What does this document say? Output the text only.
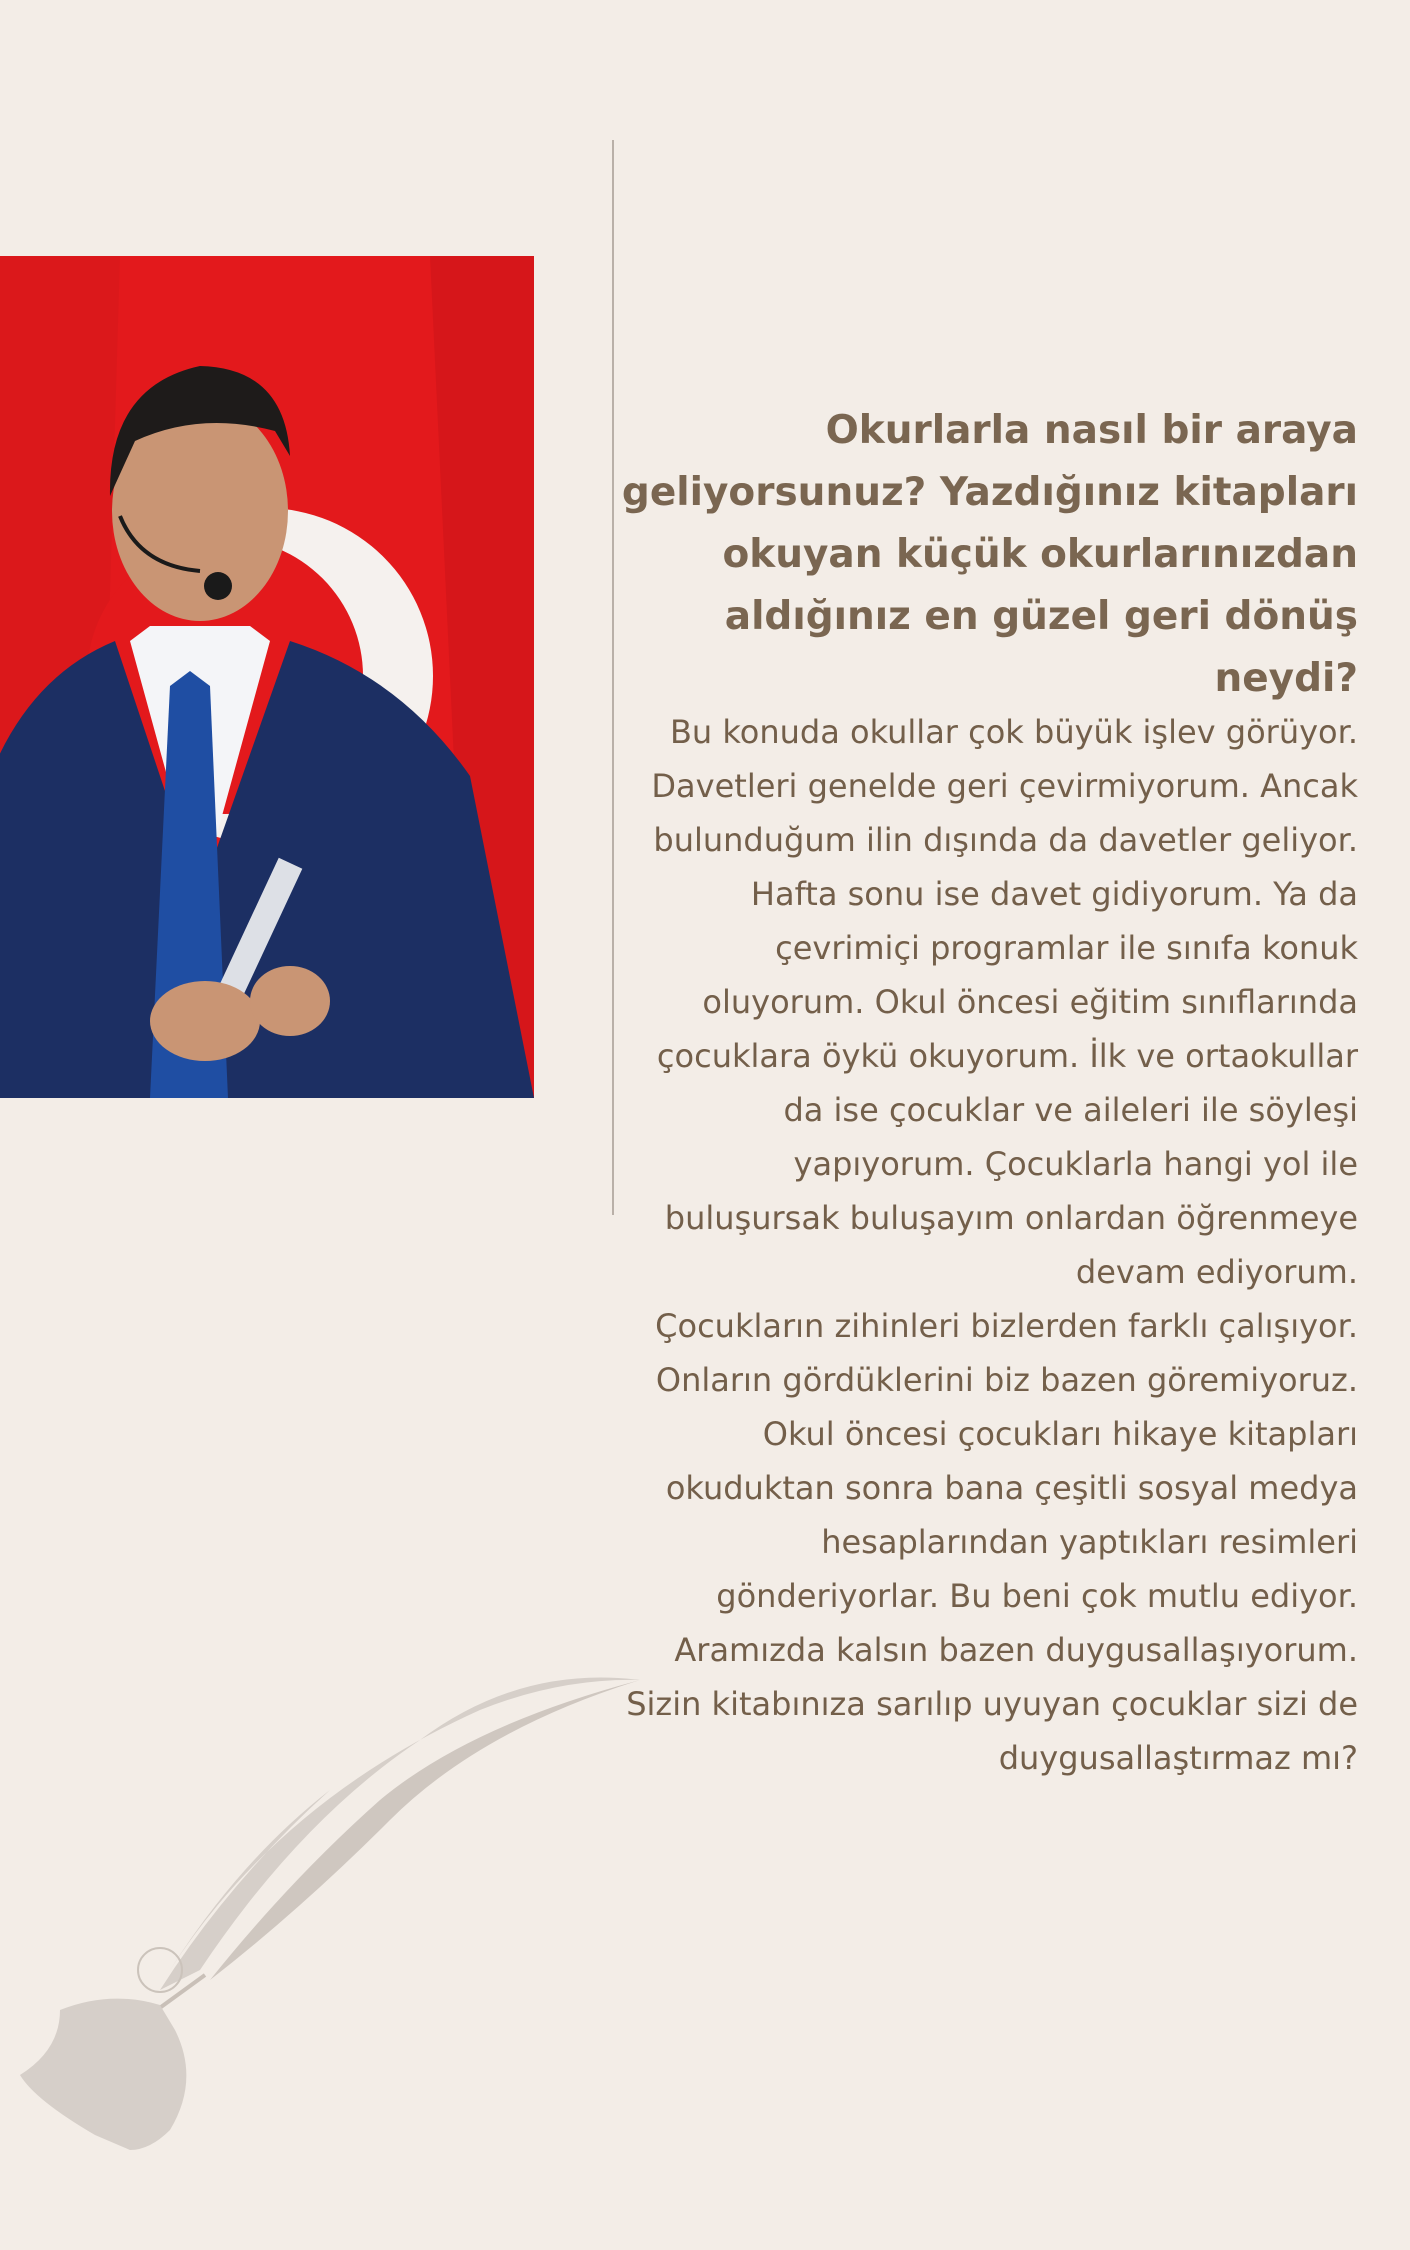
Okurlarla nasıl bir araya geliyorsunuz? Yazdığınız kitapları okuyan küçük okurlarınızdan aldığınız en güzel geri dönüş neydi?

Bu konuda okullar çok büyük işlev görüyor. Davetleri genelde geri çevirmiyorum. Ancak bulunduğum ilin dışında da davetler geliyor. Hafta sonu ise davet gidiyorum. Ya da çevrimiçi programlar ile sınıfa konuk oluyorum. Okul öncesi eğitim sınıflarında çocuklara öykü okuyorum. İlk ve ortaokullar da ise çocuklar ve aileleri ile söyleşi yapıyorum. Çocuklarla hangi yol ile buluşursak buluşayım onlardan öğrenmeye devam ediyorum.

Çocukların zihinleri bizlerden farklı çalışıyor. Onların gördüklerini biz bazen göremiyoruz. Okul öncesi çocukları hikaye kitapları okuduktan sonra bana çeşitli sosyal medya hesaplarından yaptıkları resimleri gönderiyorlar. Bu beni çok mutlu ediyor. Aramızda kalsın bazen duygusallaşıyorum. Sizin kitabınıza sarılıp uyuyan çocuklar sizi de duygusallaştırmaz mı?
